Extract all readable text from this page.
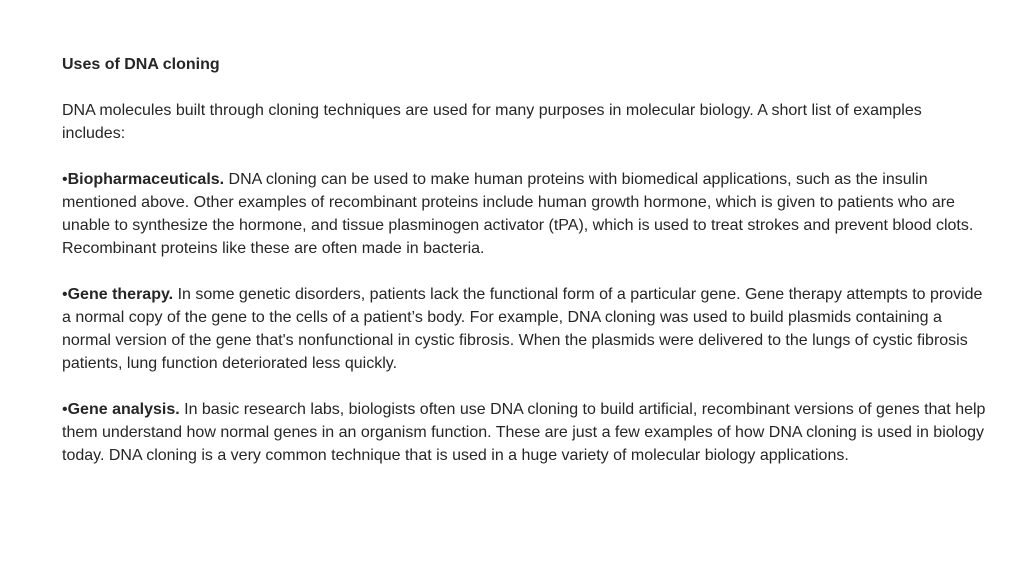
Uses of DNA cloning
DNA molecules built through cloning techniques are used for many purposes in molecular biology. A short list of examples includes:
•Biopharmaceuticals. DNA cloning can be used to make human proteins with biomedical applications, such as the insulin mentioned above. Other examples of recombinant proteins include human growth hormone, which is given to patients who are unable to synthesize the hormone, and tissue plasminogen activator (tPA), which is used to treat strokes and prevent blood clots. Recombinant proteins like these are often made in bacteria.
•Gene therapy. In some genetic disorders, patients lack the functional form of a particular gene. Gene therapy attempts to provide a normal copy of the gene to the cells of a patient’s body. For example, DNA cloning was used to build plasmids containing a normal version of the gene that's nonfunctional in cystic fibrosis. When the plasmids were delivered to the lungs of cystic fibrosis patients, lung function deteriorated less quickly.
•Gene analysis. In basic research labs, biologists often use DNA cloning to build artificial, recombinant versions of genes that help them understand how normal genes in an organism function. These are just a few examples of how DNA cloning is used in biology today. DNA cloning is a very common technique that is used in a huge variety of molecular biology applications.
